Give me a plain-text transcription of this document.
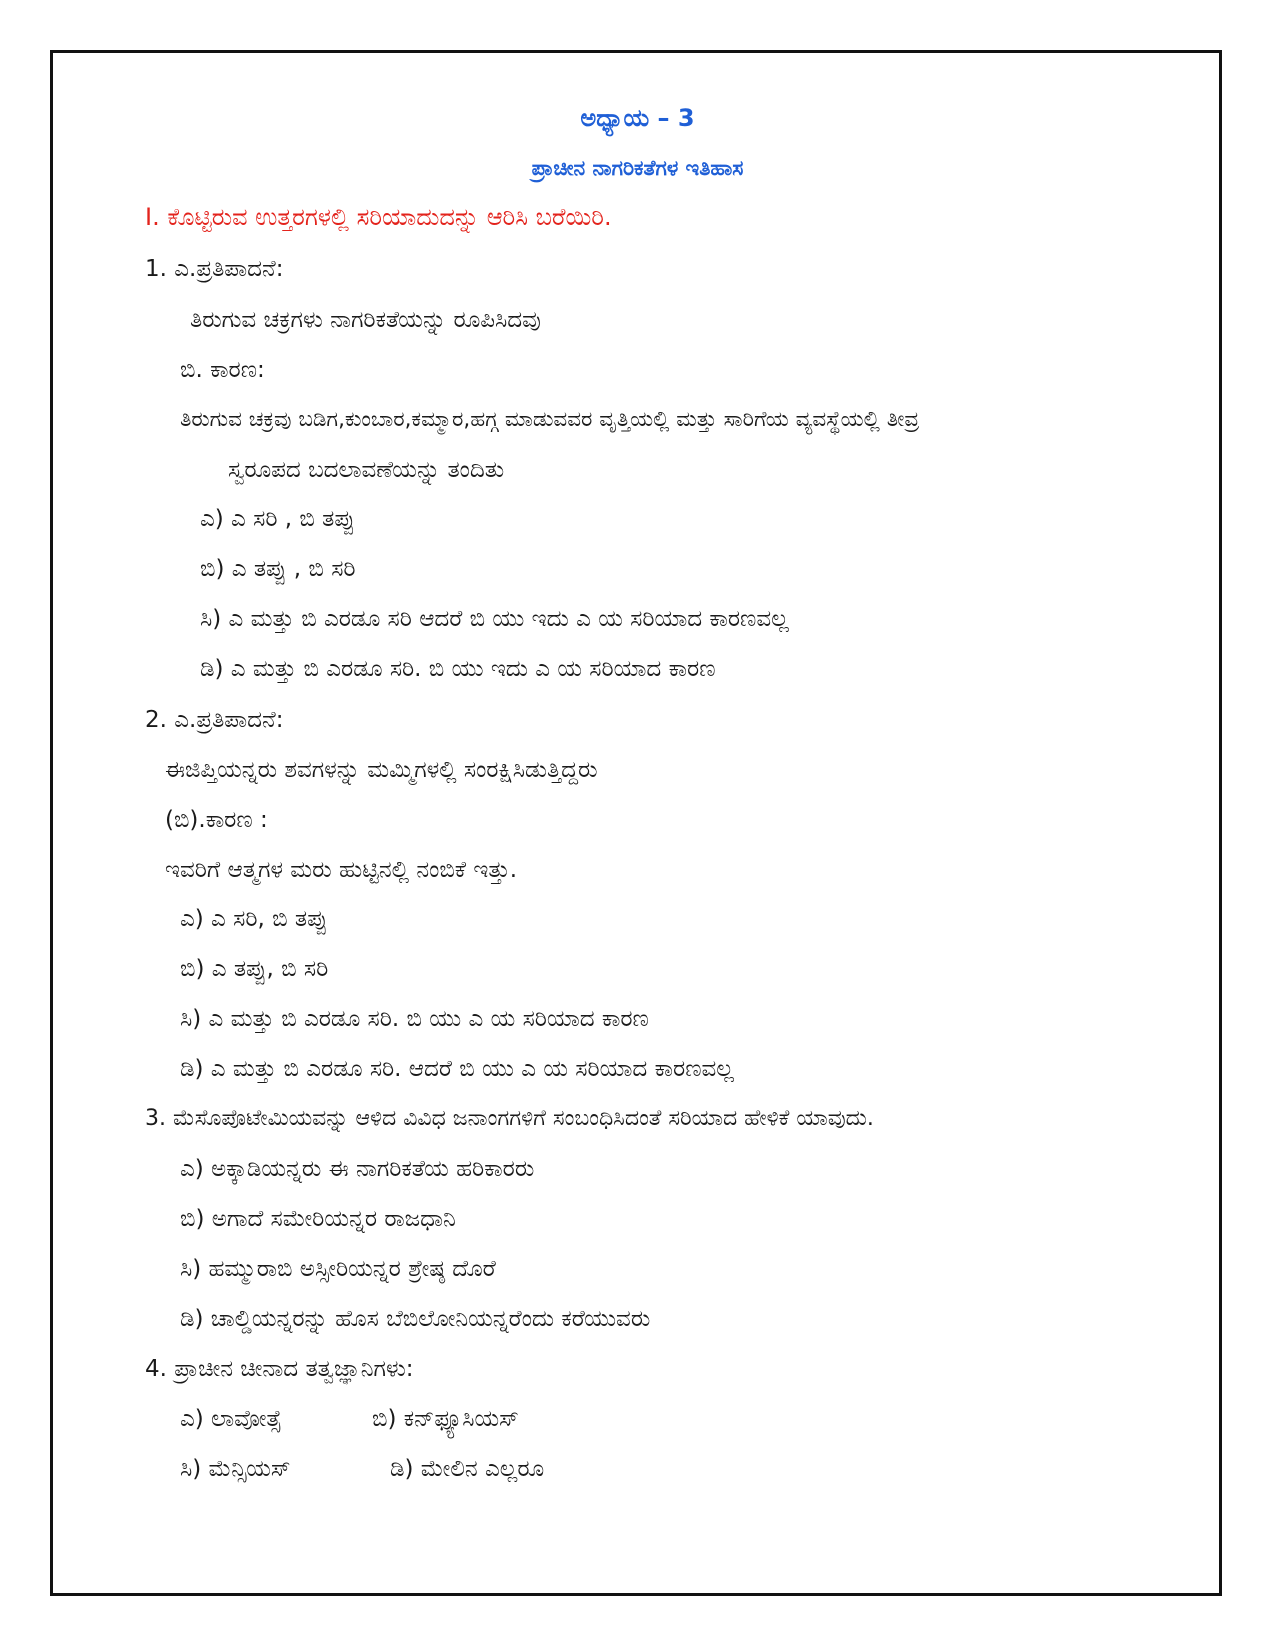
ಅಧ್ಯಾಯ – 3
ಪ್ರಾಚೀನ ನಾಗರಿಕತೆಗಳ ಇತಿಹಾಸ
I. ಕೊಟ್ಟಿರುವ ಉತ್ತರಗಳಲ್ಲಿ ಸರಿಯಾದುದನ್ನು ಆರಿಸಿ ಬರೆಯಿರಿ.
1. ಎ.ಪ್ರತಿಪಾದನೆ:
ತಿರುಗುವ ಚಕ್ರಗಳು ನಾಗರಿಕತೆಯನ್ನು ರೂಪಿಸಿದವು
ಬಿ. ಕಾರಣ:
ತಿರುಗುವ ಚಕ್ರವು ಬಡಿಗ,ಕುಂಬಾರ,ಕಮ್ಮಾರ,ಹಗ್ಗ ಮಾಡುವವರ ವೃತ್ತಿಯಲ್ಲಿ ಮತ್ತು ಸಾರಿಗೆಯ ವ್ಯವಸ್ಥೆಯಲ್ಲಿ ತೀವ್ರ
ಸ್ವರೂಪದ ಬದಲಾವಣೆಯನ್ನು ತಂದಿತು
ಎ) ಎ ಸರಿ , ಬಿ ತಪ್ಪು
ಬಿ) ಎ ತಪ್ಪು , ಬಿ ಸರಿ
ಸಿ) ಎ ಮತ್ತು ಬಿ ಎರಡೂ ಸರಿ ಆದರೆ ಬಿ ಯು ಇದು ಎ ಯ ಸರಿಯಾದ ಕಾರಣವಲ್ಲ
ಡಿ) ಎ ಮತ್ತು ಬಿ ಎರಡೂ ಸರಿ. ಬಿ ಯು ಇದು ಎ ಯ ಸರಿಯಾದ ಕಾರಣ
2. ಎ.ಪ್ರತಿಪಾದನೆ:
ಈಜಿಪ್ತಿಯನ್ನರು ಶವಗಳನ್ನು ಮಮ್ಮಿಗಳಲ್ಲಿ ಸಂರಕ್ಷಿಸಿಡುತ್ತಿದ್ದರು
(ಬಿ).ಕಾರಣ :
ಇವರಿಗೆ ಆತ್ಮಗಳ ಮರು ಹುಟ್ಟಿನಲ್ಲಿ ನಂಬಿಕೆ ಇತ್ತು.
ಎ) ಎ ಸರಿ, ಬಿ ತಪ್ಪು
ಬಿ) ಎ ತಪ್ಪು, ಬಿ ಸರಿ
ಸಿ) ಎ ಮತ್ತು ಬಿ ಎರಡೂ ಸರಿ. ಬಿ ಯು ಎ ಯ ಸರಿಯಾದ ಕಾರಣ
ಡಿ) ಎ ಮತ್ತು ಬಿ ಎರಡೂ ಸರಿ. ಆದರೆ ಬಿ ಯು ಎ ಯ ಸರಿಯಾದ ಕಾರಣವಲ್ಲ
3. ಮೆಸೊಪೊಟೇಮಿಯವನ್ನು ಆಳಿದ ವಿವಿಧ ಜನಾಂಗಗಳಿಗೆ ಸಂಬಂಧಿಸಿದಂತೆ ಸರಿಯಾದ ಹೇಳಿಕೆ ಯಾವುದು.
ಎ) ಅಕ್ಕಾಡಿಯನ್ನರು ಈ ನಾಗರಿಕತೆಯ ಹರಿಕಾರರು
ಬಿ) ಅಗಾದೆ ಸಮೇರಿಯನ್ನರ ರಾಜಧಾನಿ
ಸಿ) ಹಮ್ಮುರಾಬಿ ಅಸ್ಸೀರಿಯನ್ನರ ಶ್ರೇಷ್ಠ ದೊರೆ
ಡಿ) ಚಾಲ್ಡಿಯನ್ನರನ್ನು ಹೊಸ ಬೆಬಿಲೋನಿಯನ್ನರೆಂದು ಕರೆಯುವರು
4. ಪ್ರಾಚೀನ ಚೀನಾದ ತತ್ವಜ್ಞಾನಿಗಳು:
ಎ) ಲಾವೋತ್ಸೆ	ಬಿ) ಕನ್‌ಫ್ಯೂಸಿಯಸ್
ಸಿ) ಮೆನ್ಸಿಯಸ್	ಡಿ) ಮೇಲಿನ ಎಲ್ಲರೂ
